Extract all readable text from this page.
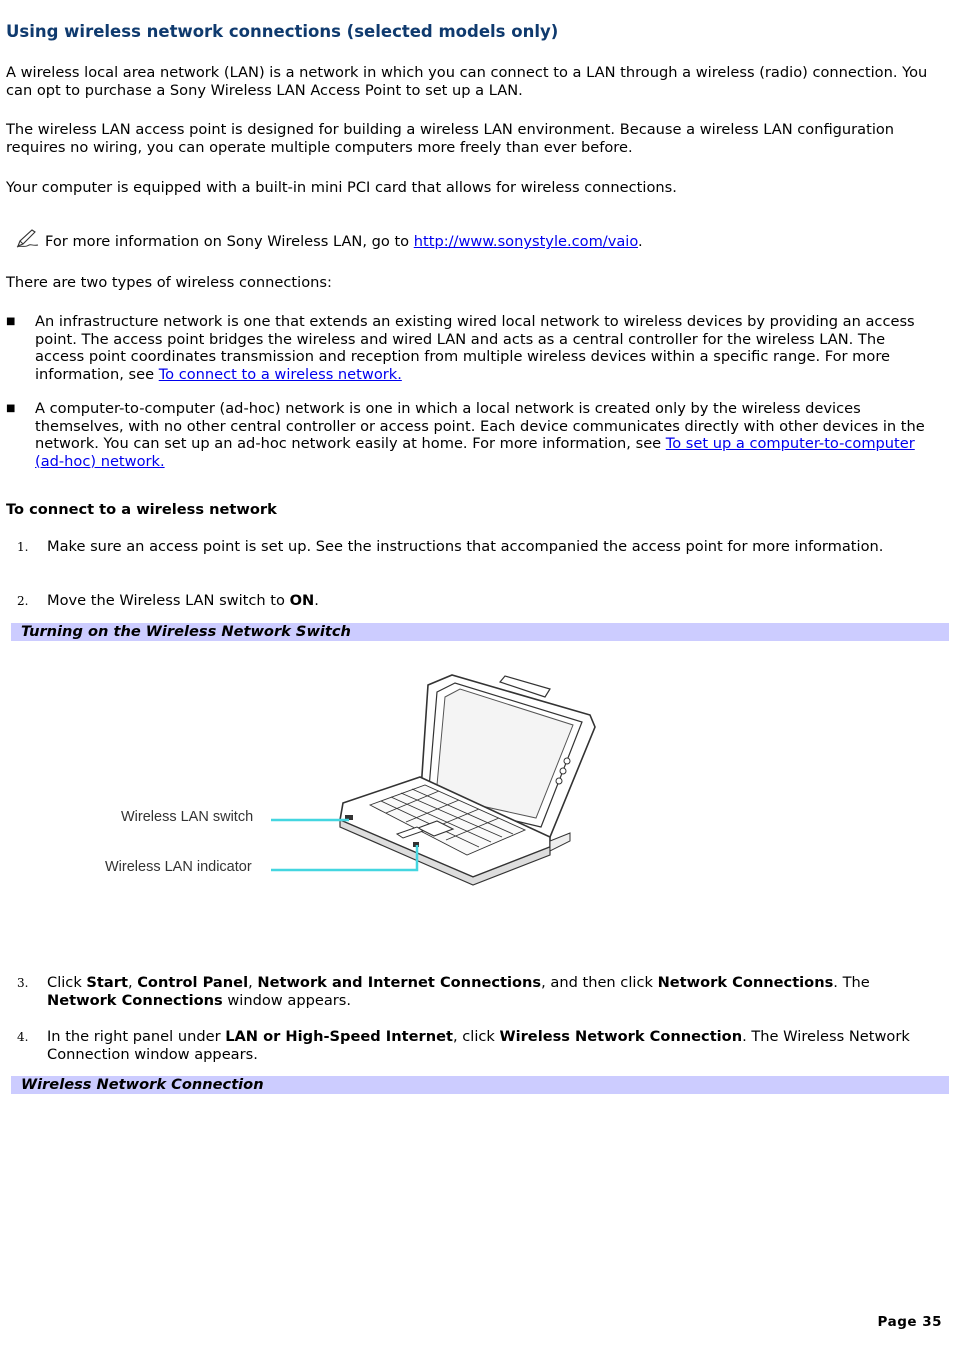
Using wireless network connections (selected models only)

A wireless local area network (LAN) is a network in which you can connect to a LAN through a wireless (radio) connection. You can opt to purchase a Sony Wireless LAN Access Point to set up a LAN.

The wireless LAN access point is designed for building a wireless LAN environment. Because a wireless LAN configuration requires no wiring, you can operate multiple computers more freely than ever before.

Your computer is equipped with a built-in mini PCI card that allows for wireless connections.

For more information on Sony Wireless LAN, go to http://www.sonystyle.com/vaio.

There are two types of wireless connections:

■ An infrastructure network is one that extends an existing wired local network to wireless devices by providing an access point. The access point bridges the wireless and wired LAN and acts as a central controller for the wireless LAN. The access point coordinates transmission and reception from multiple wireless devices within a specific range. For more information, see To connect to a wireless network.

■ A computer-to-computer (ad-hoc) network is one in which a local network is created only by the wireless devices themselves, with no other central controller or access point. Each device communicates directly with other devices in the network. You can set up an ad-hoc network easily at home. For more information, see To set up a computer-to-computer (ad-hoc) network.

To connect to a wireless network

1. Make sure an access point is set up. See the instructions that accompanied the access point for more information.

2. Move the Wireless LAN switch to ON.

Turning on the Wireless Network Switch
Wireless LAN switch
Wireless LAN indicator
3. Click Start, Control Panel, Network and Internet Connections, and then click Network Connections. The Network Connections window appears.

4. In the right panel under LAN or High-Speed Internet, click Wireless Network Connection. The Wireless Network Connection window appears.

Wireless Network Connection
Page 35
